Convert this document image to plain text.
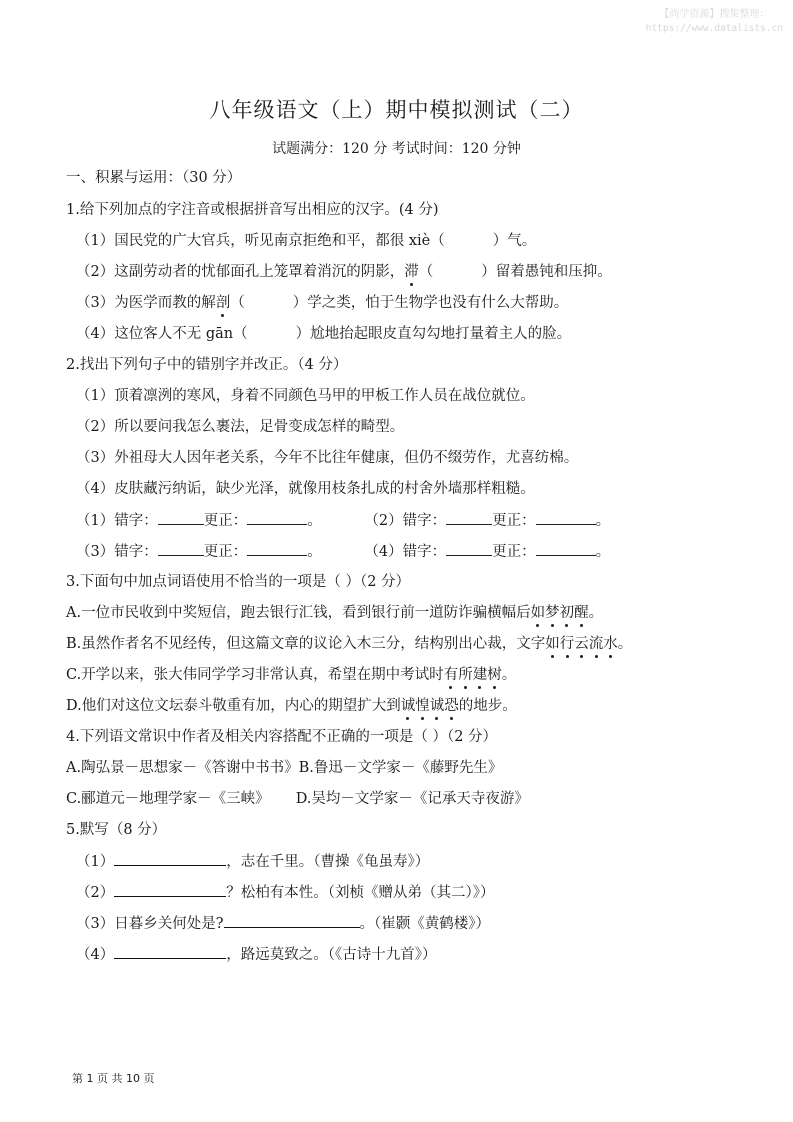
【尚学资源】搜集整理：
https://www.datalists.cn
八年级语文（上）期中模拟测试（二）
试题满分：120 分 考试时间：120 分钟
一、积累与运用：（30 分）
1.给下列加点的字注音或根据拼音写出相应的汉字。(4 分)
（1）国民党的广大官兵，听见南京拒绝和平，都很 xiè（	）气。
（2）这副劳动者的忧郁面孔上笼罩着消沉的阴影，滞（	）留着愚钝和压抑。
（3）为医学而教的解剖（	）学之类，怕于生物学也没有什么大帮助。
（4）这位客人不无 gān（	）尬地抬起眼皮直勾勾地打量着主人的脸。
2.找出下列句子中的错别字并改正。（4 分）
（1）顶着凛洌的寒风，身着不同颜色马甲的甲板工作人员在战位就位。
（2）所以要问我怎么裹法，足骨变成怎样的畸型。
（3）外祖母大人因年老关系，今年不比往年健康，但仍不缀劳作，尤喜纺棉。
（4）皮肤藏污纳诟，缺少光泽，就像用枝条扎成的村舍外墙那样粗糙。
（1）错字：	更正：	。	（2）错字：	更正：	。
（3）错字：	更正：	。	（4）错字：	更正：	。
3.下面句中加点词语使用不恰当的一项是（ ）（2 分）
A.一位市民收到中奖短信，跑去银行汇钱，看到银行前一道防诈骗横幅后如梦初醒。
B.虽然作者名不见经传，但这篇文章的议论入木三分，结构别出心裁，文字如行云流水。
C.开学以来，张大伟同学学习非常认真，希望在期中考试时有所建树。
D.他们对这位文坛泰斗敬重有加，内心的期望扩大到诚惶诚恐的地步。
4.下列语文常识中作者及相关内容搭配不正确的一项是（ ）（2 分）
A.陶弘景－思想家－《答谢中书书》B.鲁迅－文学家－《藤野先生》
C.郦道元－地理学家－《三峡》 D.吴均－文学家－《记承天寺夜游》
5.默写（8 分）
（1）	，志在千里。（曹操《龟虽寿》）
（2）	？松柏有本性。（刘桢《赠从弟（其二）》）
（3）日暮乡关何处是?	。（崔颢《黄鹤楼》）
（4）	，路远莫致之。（《古诗十九首》）
第 1 页 共 10 页
